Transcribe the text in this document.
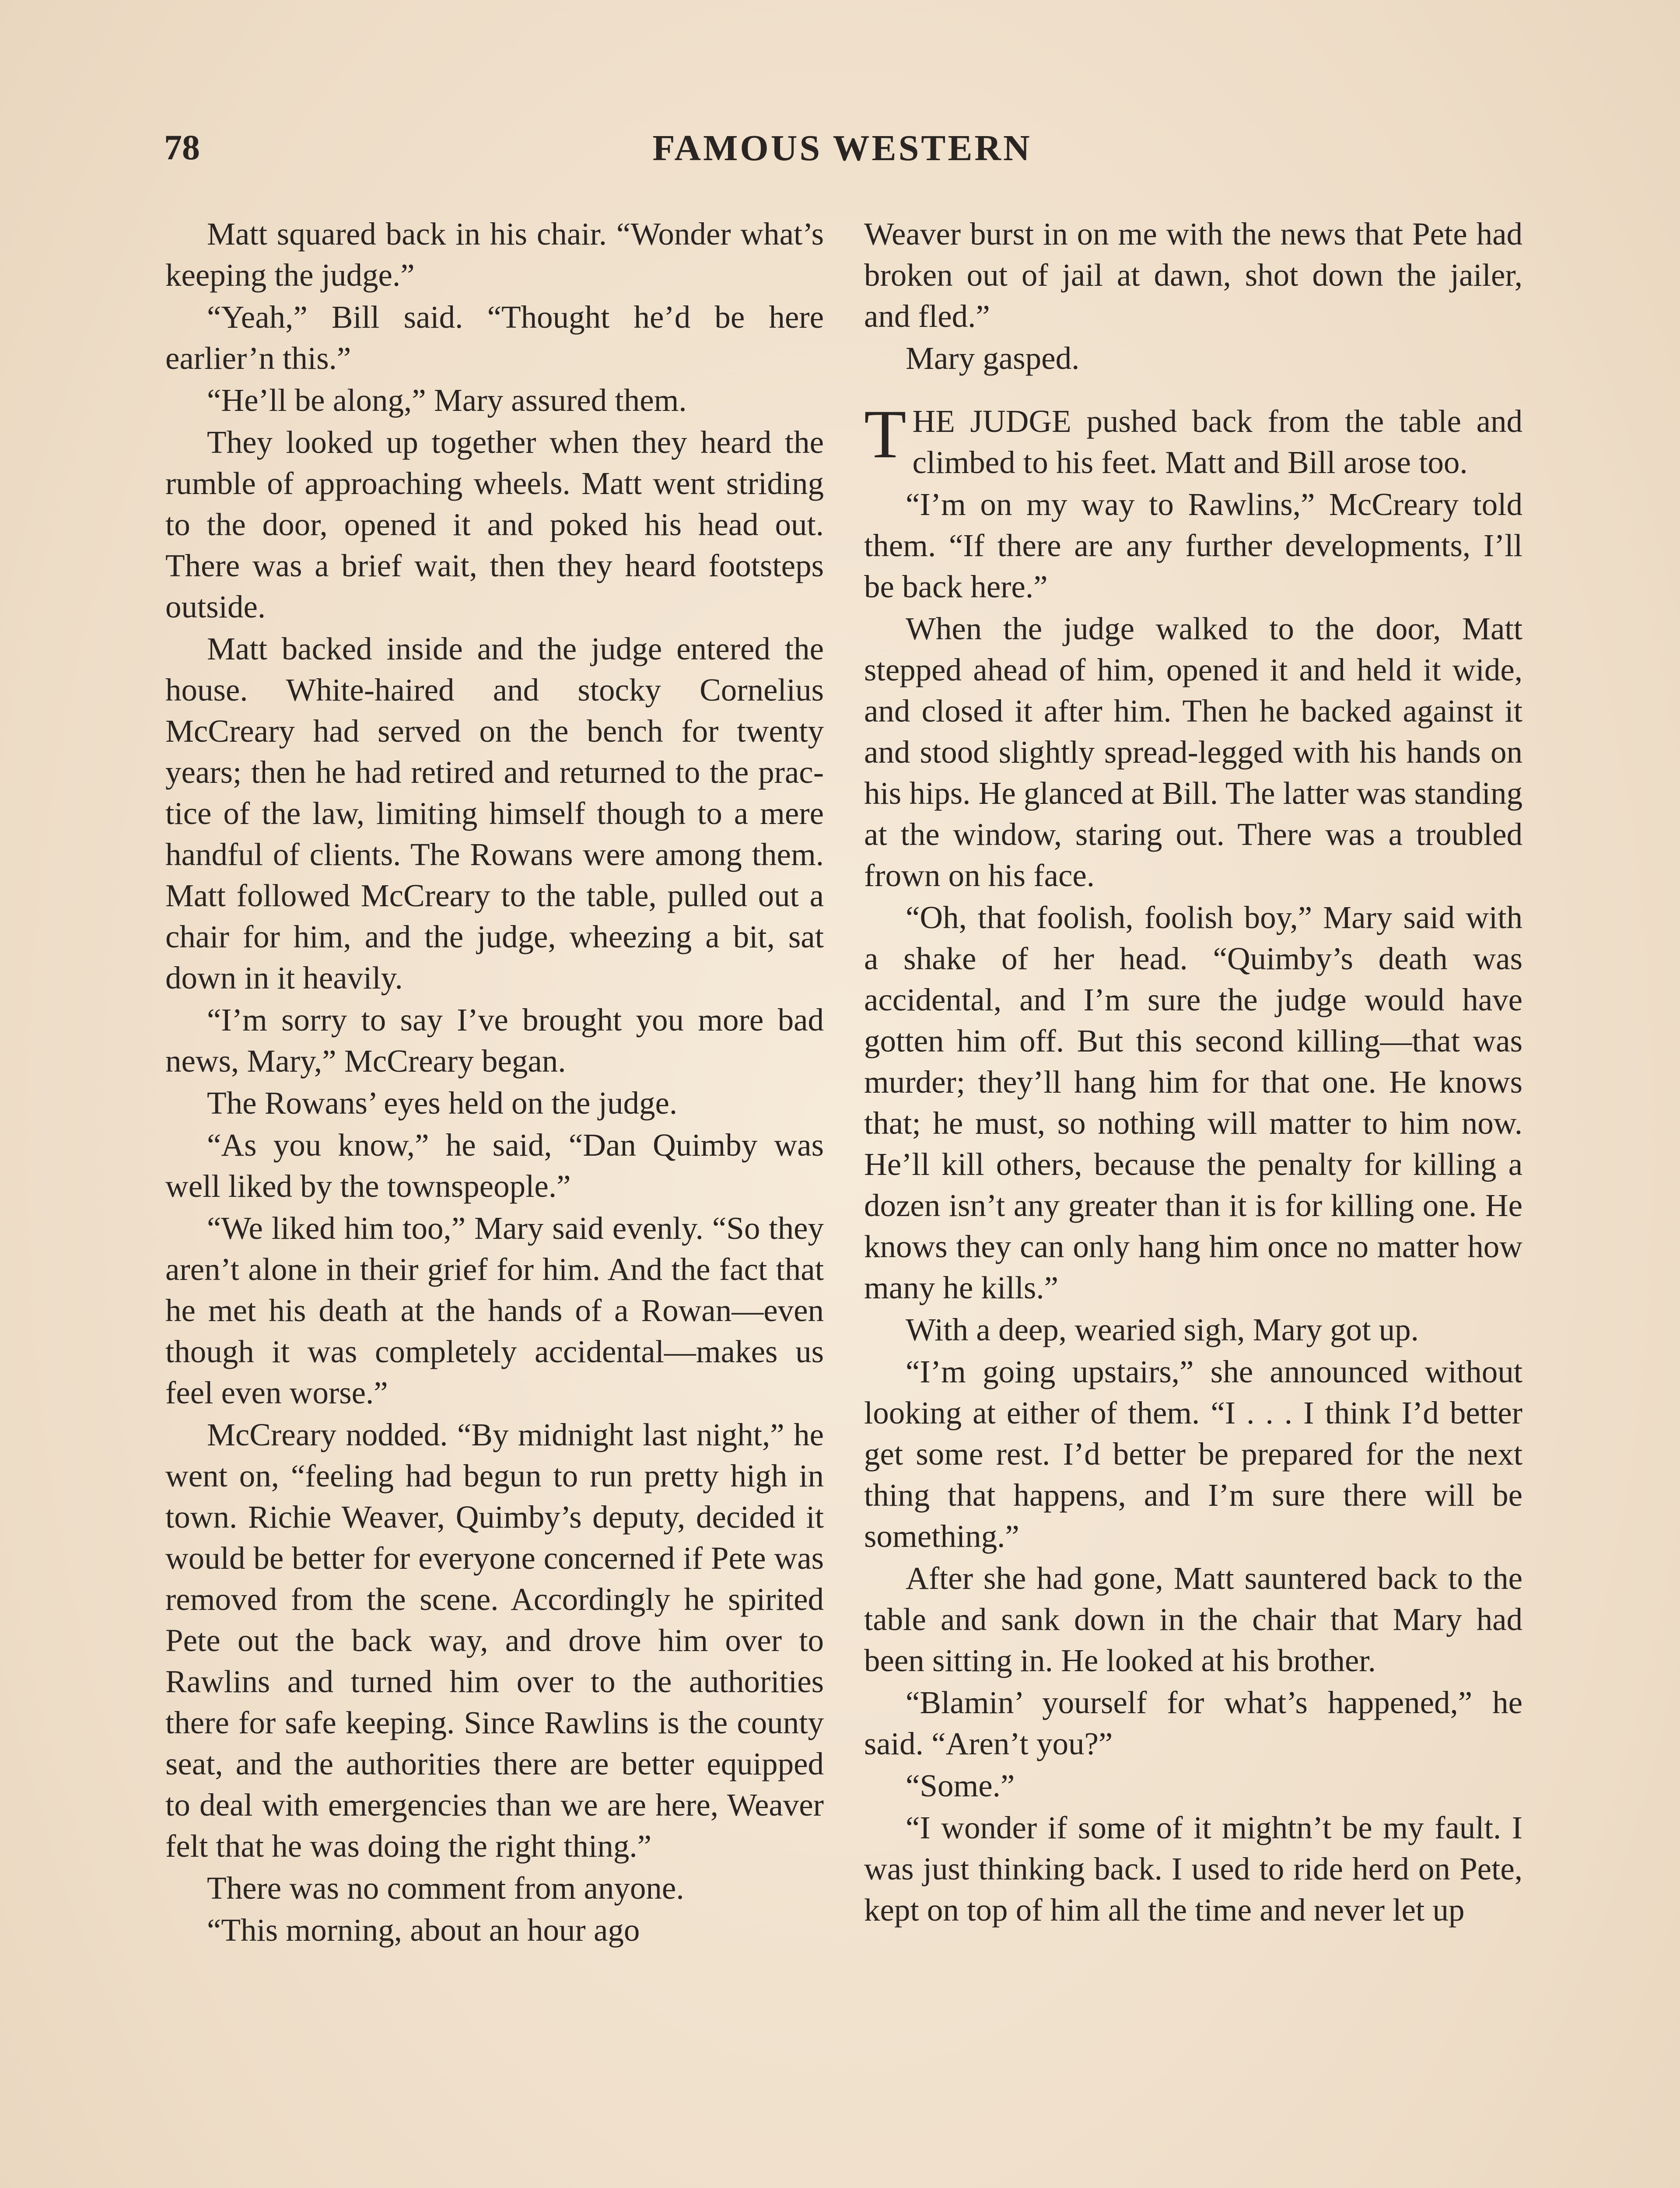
78	FAMOUS WESTERN

Matt squared back in his chair. “Wonder what’s keeping the judge.”

“Yeah,” Bill said. “Thought he’d be here earlier’n this.”

“He’ll be along,” Mary assured them.

They looked up together when they heard the rumble of approaching wheels. Matt went striding to the door, opened it and poked his head out. There was a brief wait, then they heard footsteps outside.

Matt backed inside and the judge entered the house. White-haired and stocky Cornelius McCreary had served on the bench for twenty years; then he had retired and returned to the practice of the law, limiting himself though to a mere handful of clients. The Rowans were among them. Matt followed McCreary to the table, pulled out a chair for him, and the judge, wheezing a bit, sat down in it heavily.

“I’m sorry to say I’ve brought you more bad news, Mary,” McCreary began.

The Rowans’ eyes held on the judge.

“As you know,” he said, “Dan Quimby was well liked by the townspeople.”

“We liked him too,” Mary said evenly. “So they aren’t alone in their grief for him. And the fact that he met his death at the hands of a Rowan—even though it was completely accidental—makes us feel even worse.”

McCreary nodded. “By midnight last night,” he went on, “feeling had begun to run pretty high in town. Richie Weaver, Quimby’s deputy, decided it would be better for everyone concerned if Pete was removed from the scene. Accordingly he spirited Pete out the back way, and drove him over to Rawlins and turned him over to the authorities there for safe keeping. Since Rawlins is the county seat, and the authorities there are better equipped to deal with emergencies than we are here, Weaver felt that he was doing the right thing.”

There was no comment from anyone.

“This morning, about an hour ago

Weaver burst in on me with the news that Pete had broken out of jail at dawn, shot down the jailer, and fled.”

Mary gasped.

THE JUDGE pushed back from the table and climbed to his feet. Matt and Bill arose too.

“I’m on my way to Rawlins,” McCreary told them. “If there are any further developments, I’ll be back here.”

When the judge walked to the door, Matt stepped ahead of him, opened it and held it wide, and closed it after him. Then he backed against it and stood slightly spread-legged with his hands on his hips. He glanced at Bill. The latter was standing at the window, staring out. There was a troubled frown on his face.

“Oh, that foolish, foolish boy,” Mary said with a shake of her head. “Quimby’s death was accidental, and I’m sure the judge would have gotten him off. But this second killing—that was murder; they’ll hang him for that one. He knows that; he must, so nothing will matter to him now. He’ll kill others, because the penalty for killing a dozen isn’t any greater than it is for killing one. He knows they can only hang him once no matter how many he kills.”

With a deep, wearied sigh, Mary got up.

“I’m going upstairs,” she announced without looking at either of them. “I . . . I think I’d better get some rest. I’d better be prepared for the next thing that happens, and I’m sure there will be something.”

After she had gone, Matt sauntered back to the table and sank down in the chair that Mary had been sitting in. He looked at his brother.

“Blamin’ yourself for what’s happened,” he said. “Aren’t you?”

“Some.”

“I wonder if some of it mightn’t be my fault. I was just thinking back. I used to ride herd on Pete, kept on top of him all the time and never let up
